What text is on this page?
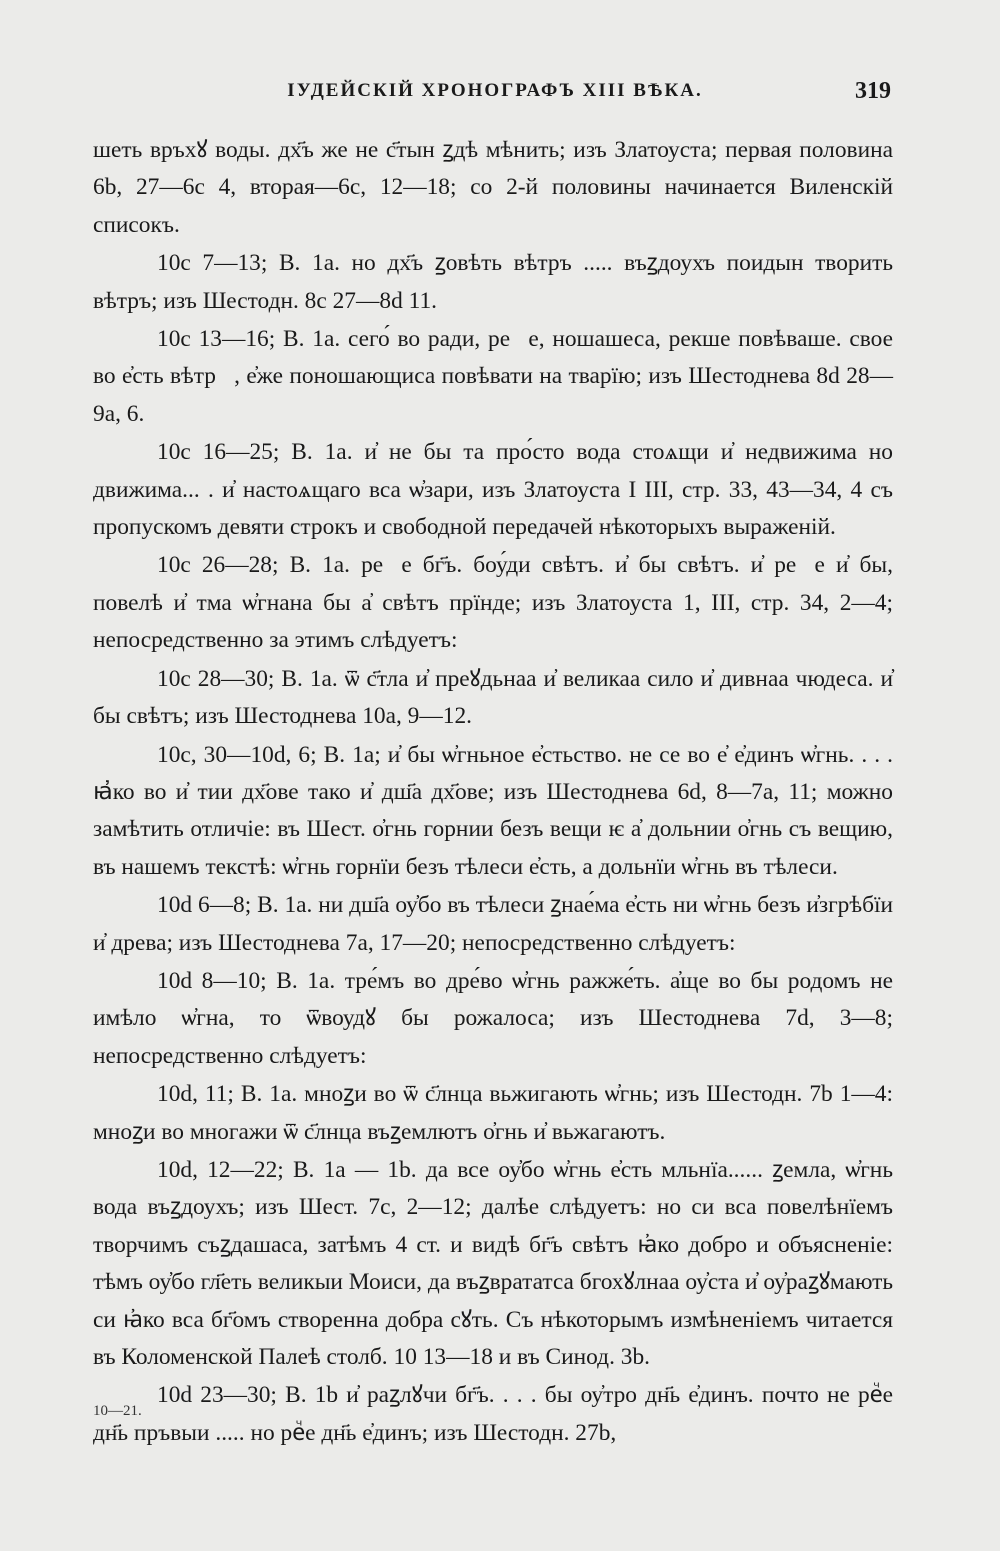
ІУДЕЙСКІЙ ХРОНОГРАФЪ XIII ВѢКА.	319

шеть връхꙋ воды. дх҃ъ же не с҃тын ꙁдѣ мѣнить; изъ Златоуста; первая половина 6b, 27—6c 4, вторая—6c, 12—18; со 2-й половины начинается Виленскій списокъ.

10c 7—13; В. 1a. но дх҃ъ ꙁовѣть вѣтръ ..... въꙁдоухъ поидын творить вѣтръ; изъ Шестодн. 8c 27—8d 11.

10c 13—16; В. 1a. сего́ во ради, реⷱе, ношашеса, рекше повѣваше. свое во е҆сть вѣтрꙋ, е҆же поношающиса повѣвати на тварїю; изъ Шестоднева 8d 28—9a, 6.

10c 16—25; В. 1a. и҆ не бы та про́сто вода стоѧщи и҆ недвижима но движима... . и҆ настоѧщаго вса ѡ҆зари, изъ Златоуста I III, стр. 33, 43—34, 4 съ пропускомъ девяти строкъ и свободной передачей нѣкоторыхъ выраженій.

10c 26—28; В. 1a. реⷱе бг҃ъ. боу́ди свѣтъ. и҆ бы свѣтъ. и҆ реⷱе и҆ бы, повелѣ и҆ тма ѡ҆гнана бы а҆ свѣтъ прїнде; изъ Златоуста 1, III, стр. 34, 2—4; непосредственно за этимъ слѣдуетъ:

10c 28—30; В. 1a. ѿ с҃тла и҆ преꙋдьнаа и҆ великаа сило и҆ дивнаа чюдеса. и҆ бы свѣтъ; изъ Шестоднева 10a, 9—12.

10c, 30—10d, 6; В. 1a; и҆ бы ѡ҆гньное е҆стьство. не се во е҆ е҆динъ ѡ҆гнь. . . . ꙗ҆ко во и҆ тии дх҃ове тако и҆ дш҃а дх҃ове; изъ Шестоднева 6d, 8—7a, 11; можно замѣтить отличіе: въ Шест. о҆гнь горнии безъ вещи ѥ а҆ дольнии о҆гнь съ вещию, въ нашемъ текстѣ: ѡ҆гнь горнїи безъ тѣлеси е҆сть, а дольнїи ѡ҆гнь въ тѣлеси.

10d 6—8; В. 1a. ни дш҃а оу҆бо въ тѣлеси ꙁнае́ма е҆сть ни ѡ҆гнь безъ и҆згрѣбїи и҆ древа; изъ Шестоднева 7a, 17—20; непосредственно слѣдуетъ:

10d 8—10; В. 1a. тре́мъ во дре́во ѡ҆гнь ражже́ть. а҆ще во бы родомъ не имѣло ѡ҆гна, то ѿвоудꙋ бы рожалоса; изъ Шестоднева 7d, 3—8; непосредственно слѣдуетъ:

10d, 11; В. 1a. мноꙁи во ѿ с҃лнца вьжигають ѡ҆гнь; изъ Шестодн. 7b 1—4: мноꙁи во многажи ѿ с҃лнца въꙁемлютъ о҆гнь и҆ вьжагаютъ.

10d, 12—22; В. 1a — 1b. да все оу҆бо ѡ҆гнь е҆сть мльнїа...... ꙁемла, ѡ҆гнь вода въꙁдоухъ; изъ Шест. 7c, 2—12; далѣе слѣдуетъ: но си вса повелѣнїемъ творчимъ съꙁдашаса, затѣмъ 4 ст. и видѣ бг҃ъ свѣтъ ꙗ҆ко добро и объясненіе: тѣмъ оу҆бо гл҃еть великыи Моиси, да въꙁврататса бгохꙋлнаа оу҆ста и҆ оу҆раꙁꙋмають си ꙗ҆ко вса бг҃омъ створенна добра сꙋть. Съ нѣкоторымъ измѣненіемъ читается въ Коломенской Палеѣ столб. 10 13—18 и въ Синод. 3b.

10d 23—30; В. 1b и҆ раꙁлꙋчи бг҃ъ. . . . бы оу҆тро дн҃ь е҆динъ. почто не реⷱе дн҃ь пръвыи ..... но реⷱе дн҃ь е҆динъ; изъ Шестодн. 27b,

10—21.
